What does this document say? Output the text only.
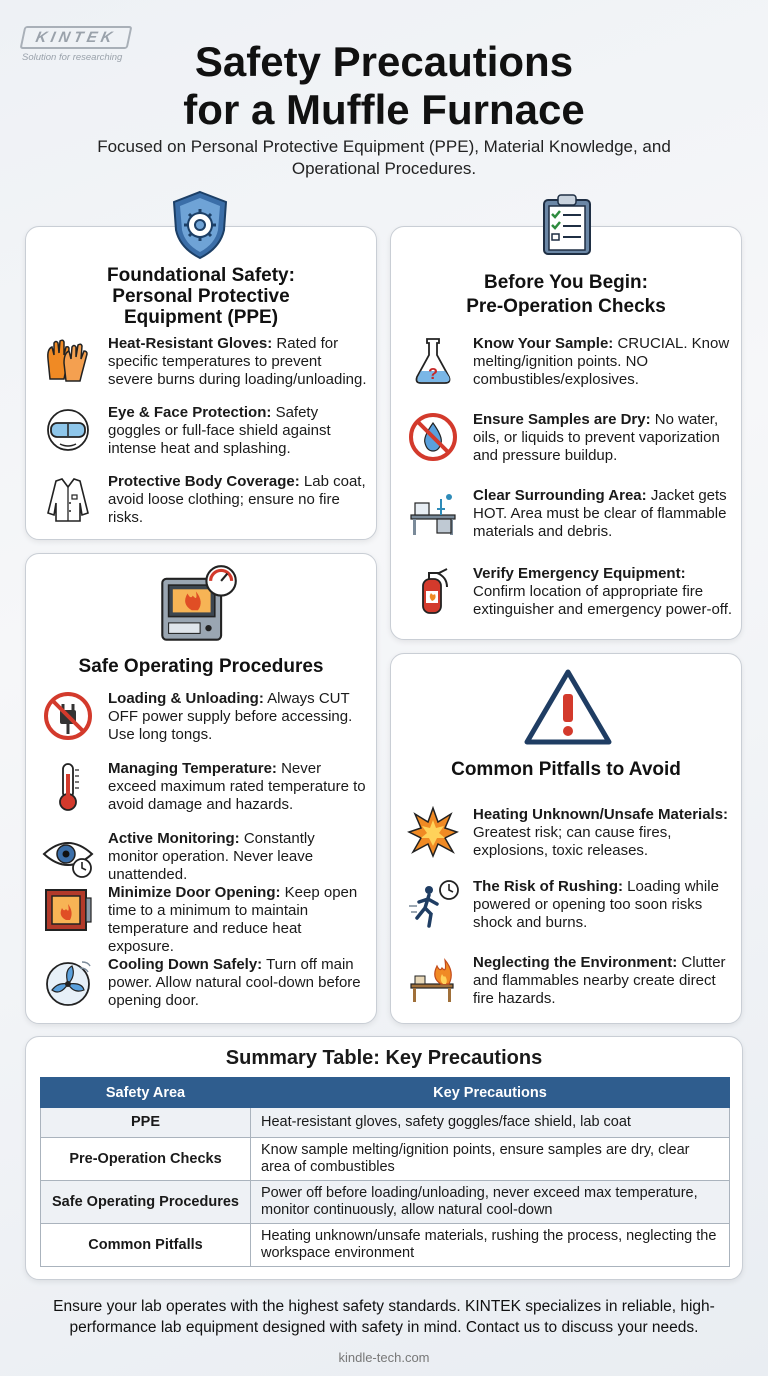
KINTEK
Solution for researching	Safety Precautions
for a Muffle Furnace
Focused on Personal Protective Equipment (PPE), Material Knowledge, and Operational Procedures.
Foundational Safety:
Personal Protective
Equipment (PPE)
Heat-Resistant Gloves: Rated for specific temperatures to prevent severe burns during loading/unloading.
Eye & Face Protection: Safety goggles or full-face shield against intense heat and splashing.
Protective Body Coverage: Lab coat, avoid loose clothing; ensure no fire risks.
Before You Begin:
Pre-Operation Checks
Know Your Sample: CRUCIAL. Know melting/ignition points. NO combustibles/explosives.
Ensure Samples are Dry: No water, oils, or liquids to prevent vaporization and pressure buildup.
Clear Surrounding Area: Jacket gets HOT. Area must be clear of flammable materials and debris.
Verify Emergency Equipment: Confirm location of appropriate fire extinguisher and emergency power-off.
Safe Operating Procedures
Loading & Unloading: Always CUT OFF power supply before accessing. Use long tongs.
Managing Temperature: Never exceed maximum rated temperature to avoid damage and hazards.
Active Monitoring: Constantly monitor operation. Never leave unattended.
Minimize Door Opening: Keep open time to a minimum to maintain temperature and reduce heat exposure.
Cooling Down Safely: Turn off main power. Allow natural cool-down before opening door.
Common Pitfalls to Avoid
Heating Unknown/Unsafe Materials: Greatest risk; can cause fires, explosions, toxic releases.
The Risk of Rushing: Loading while powered or opening too soon risks shock and burns.
Neglecting the Environment: Clutter and flammables nearby create direct fire hazards.
Summary Table: Key Precautions
Safety Area	Key Precautions
PPE	Heat-resistant gloves, safety goggles/face shield, lab coat
Pre-Operation Checks	Know sample melting/ignition points, ensure samples are dry, clear area of combustibles
Safe Operating Procedures	Power off before loading/unloading, never exceed max temperature, monitor continuously, allow natural cool-down
Common Pitfalls	Heating unknown/unsafe materials, rushing the process, neglecting the workspace environment
Ensure your lab operates with the highest safety standards. KINTEK specializes in reliable, high-performance lab equipment designed with safety in mind. Contact us to discuss your needs.
kindle-tech.com
